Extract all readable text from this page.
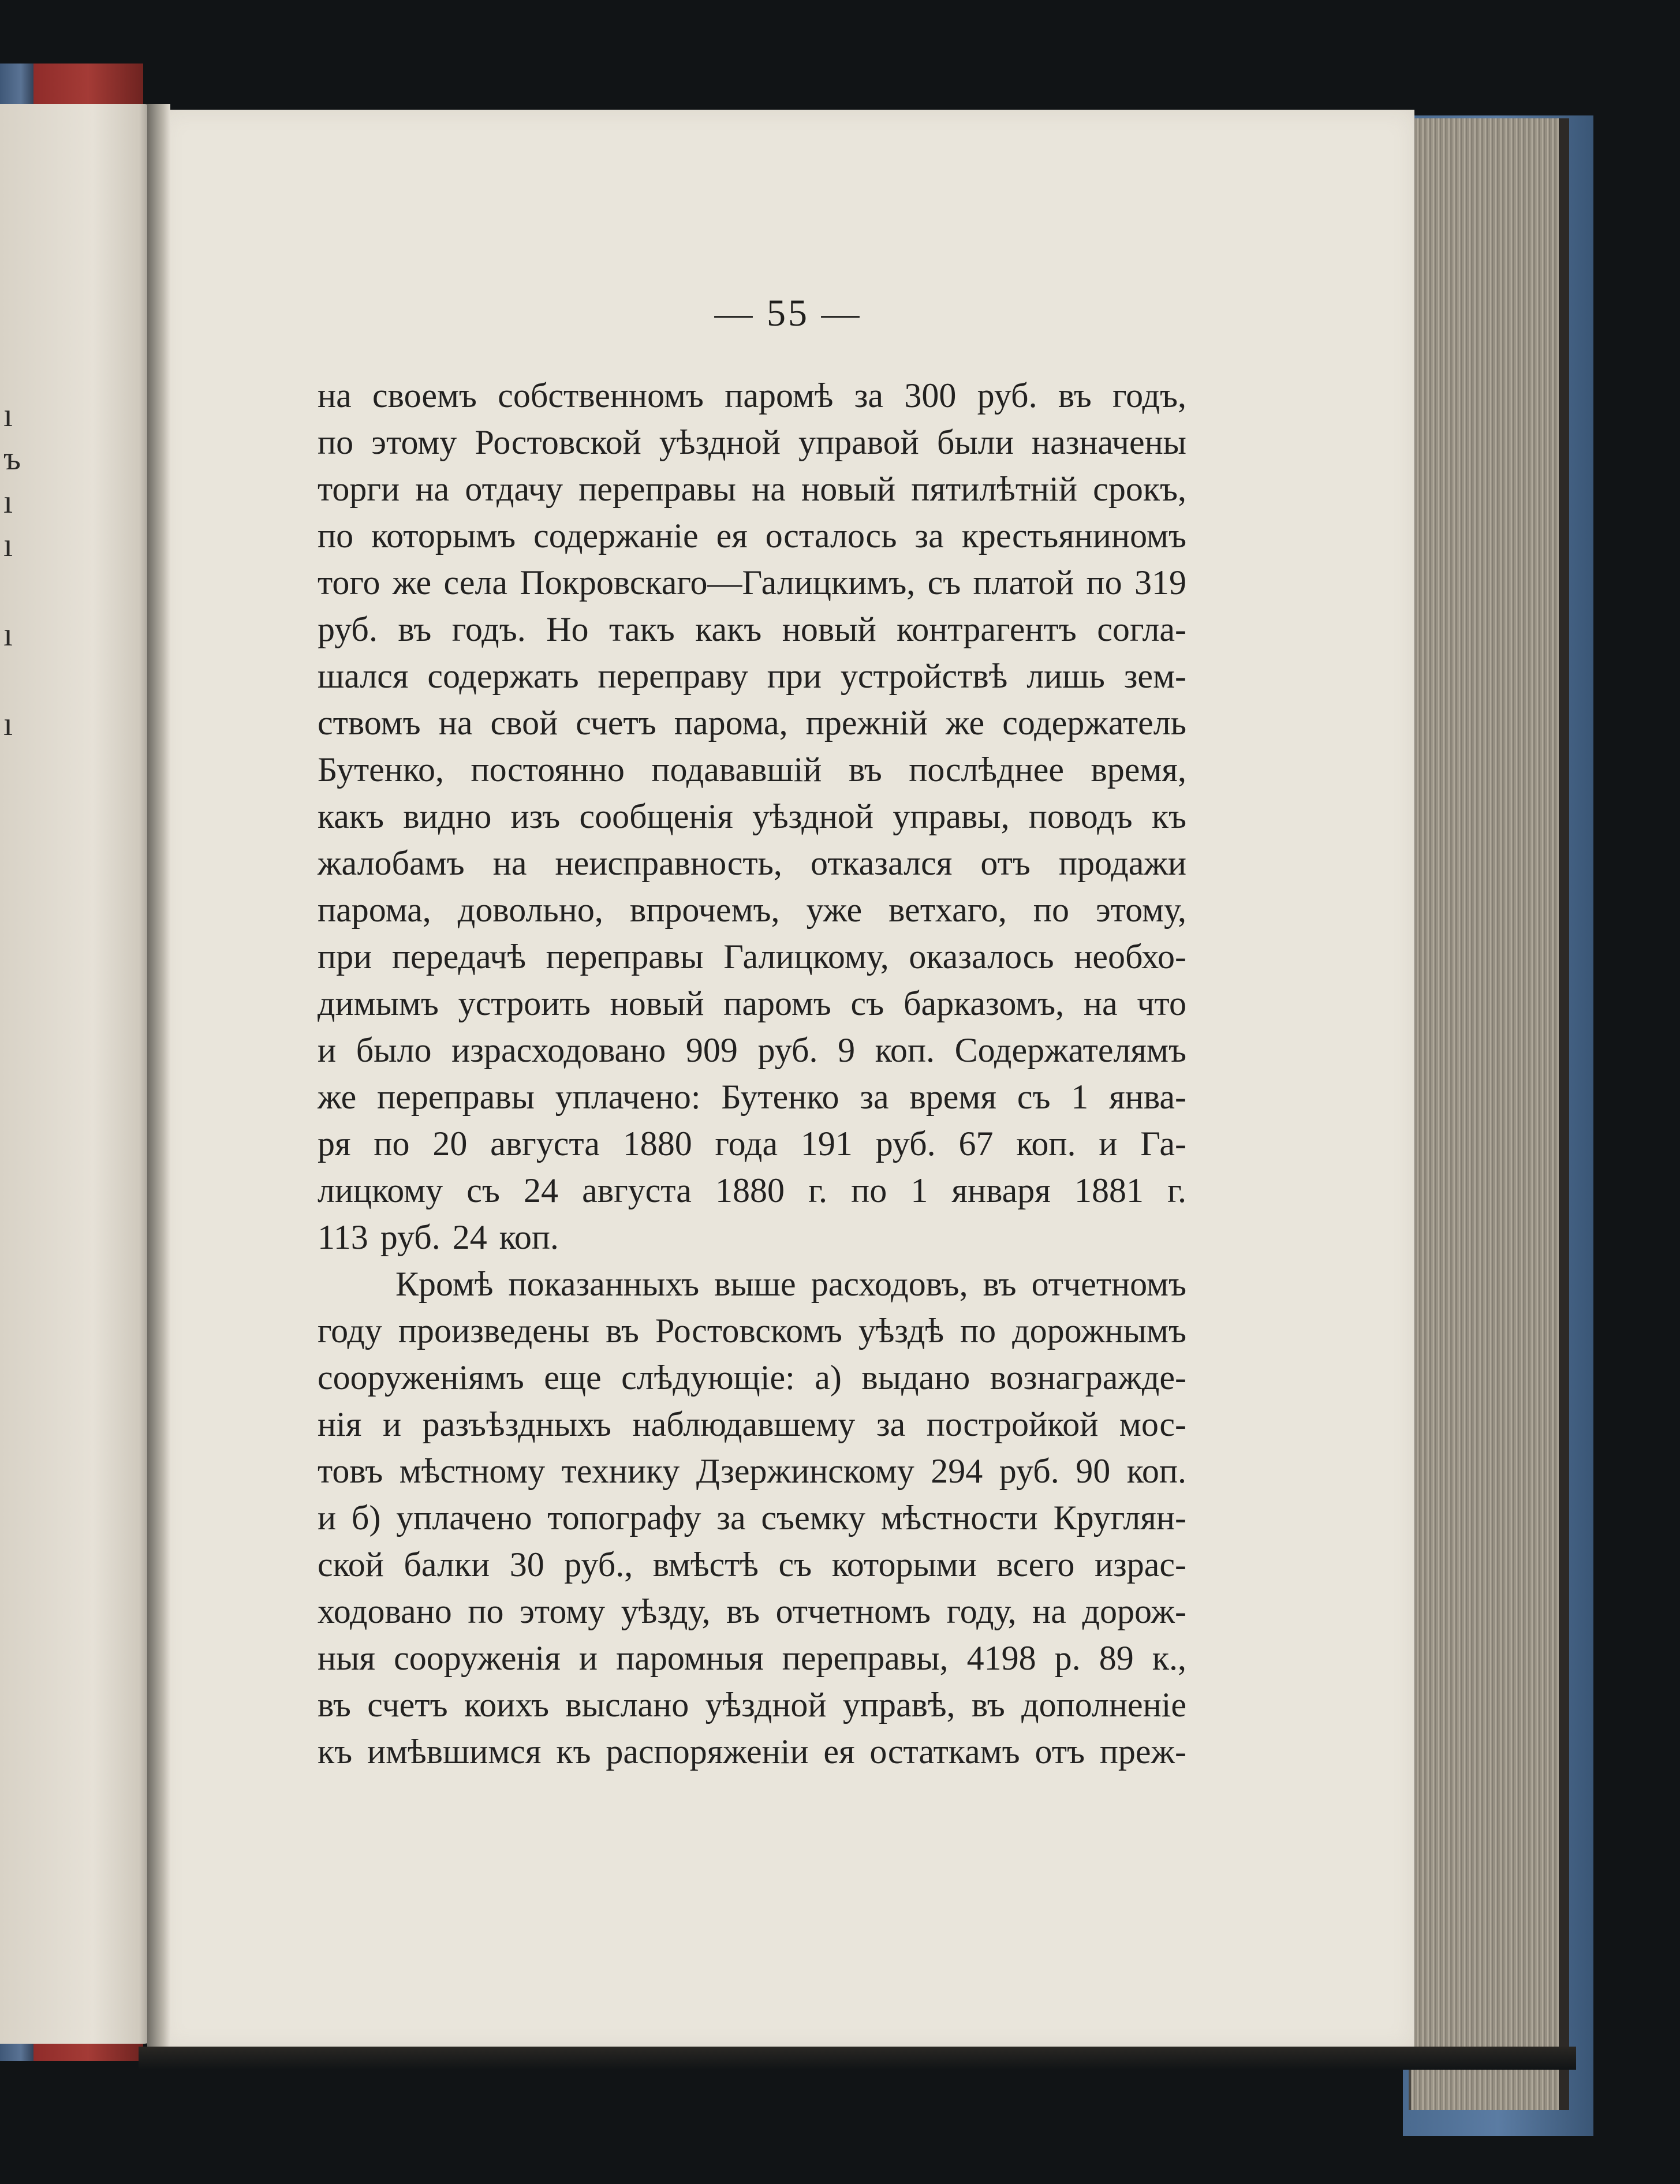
ı
ъ
ı
ı
ı
ı
— 55 —
на своемъ собственномъ паромѣ за 300 руб. въ годъ,
по этому Ростовской уѣздной управой были назначены
торги на отдачу переправы на новый пятилѣтній срокъ,
по которымъ содержаніе ея осталось за крестьяниномъ
того же села Покровскаго—Галицкимъ, съ платой по 319
руб. въ годъ. Но такъ какъ новый контрагентъ согла-
шался содержать переправу при устройствѣ лишь зем-
ствомъ на свой счетъ парома, прежній же содержатель
Бутенко, постоянно подававшій въ послѣднее время,
какъ видно изъ сообщенія уѣздной управы, поводъ къ
жалобамъ на неисправность, отказался отъ продажи
парома, довольно, впрочемъ, уже ветхаго, по этому,
при передачѣ переправы Галицкому, оказалось необхо-
димымъ устроить новый паромъ съ барказомъ, на что
и было израсходовано 909 руб. 9 коп. Содержателямъ
же переправы уплачено: Бутенко за время съ 1 янва-
ря по 20 августа 1880 года 191 руб. 67 коп. и Га-
лицкому съ 24 августа 1880 г. по 1 января 1881 г.
113 руб. 24 коп.
Кромѣ показанныхъ выше расходовъ, въ отчетномъ
году произведены въ Ростовскомъ уѣздѣ по дорожнымъ
сооруженіямъ еще слѣдующіе: а) выдано вознагражде-
нія и разъѣздныхъ наблюдавшему за постройкой мос-
товъ мѣстному технику Дзержинскому 294 руб. 90 коп.
и б) уплачено топографу за съемку мѣстности Круглян-
ской балки 30 руб., вмѣстѣ съ которыми всего израс-
ходовано по этому уѣзду, въ отчетномъ году, на дорож-
ныя сооруженія и паромныя переправы, 4198 р. 89 к.,
въ счетъ коихъ выслано уѣздной управѣ, въ дополненіе
къ имѣвшимся къ распоряженіи ея остаткамъ отъ преж-
